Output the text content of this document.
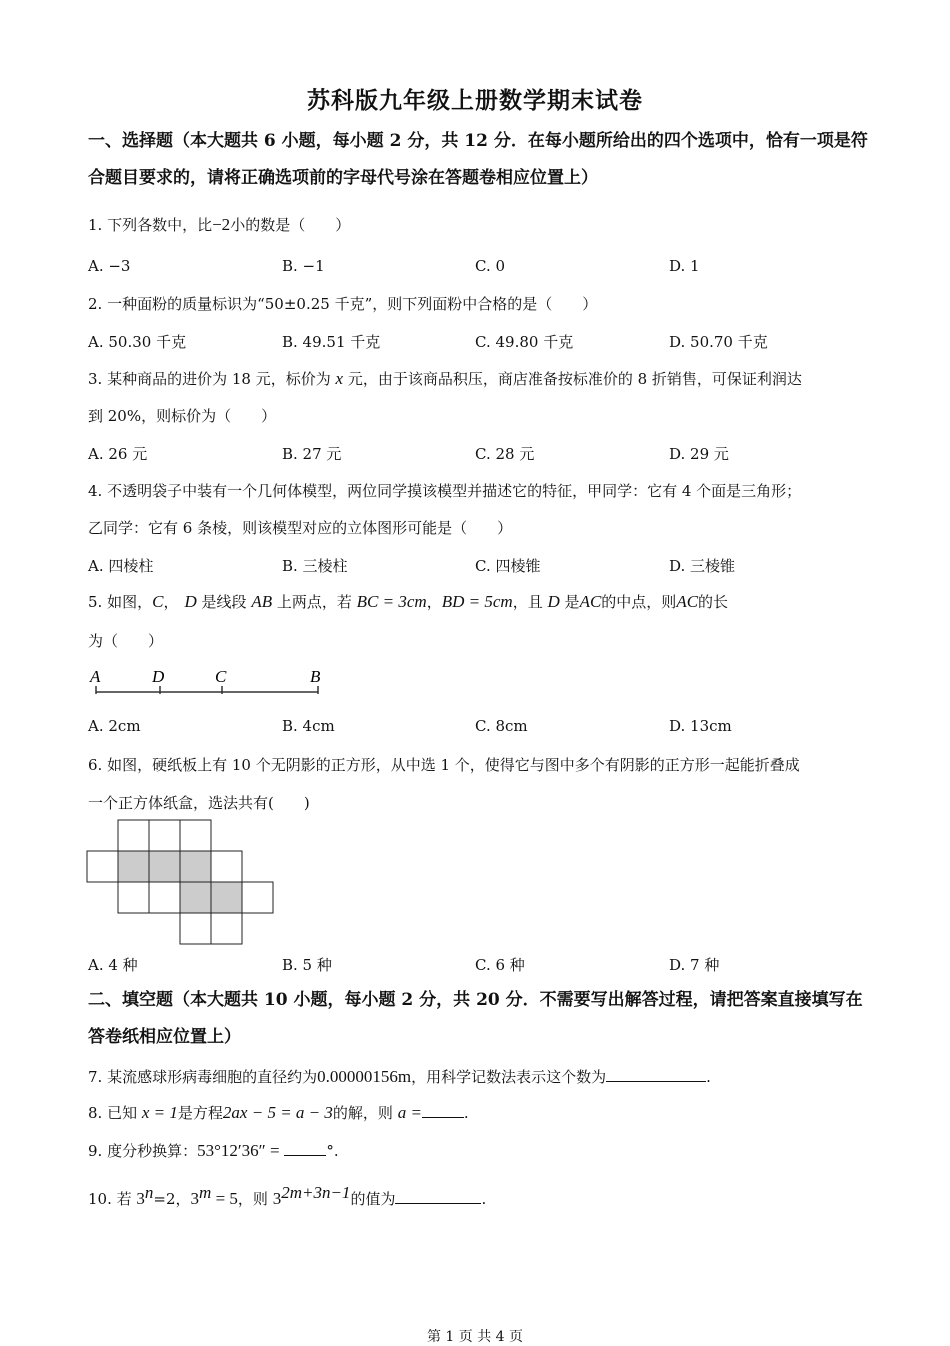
苏科版九年级上册数学期末试卷
一、选择题（本大题共 6 小题，每小题 2 分，共 12 分．在每小题所给出的四个选项中，恰有一项是符合题目要求的，请将正确选项前的字母代号涂在答题卷相应位置上）
1. 下列各数中，比−2小的数是（　　）
A. −3	B. −1	C. 0	D. 1
2. 一种面粉的质量标识为“50±0.25 千克”，则下列面粉中合格的是（　　）
A. 50.30 千克	B. 49.51 千克	C. 49.80 千克	D. 50.70 千克
3. 某种商品的进价为 18 元，标价为 x 元，由于该商品积压，商店准备按标准价的 8 折销售，可保证利润达
到 20%，则标价为（　　）
A. 26 元	B. 27 元	C. 28 元	D. 29 元
4. 不透明袋子中装有一个几何体模型，两位同学摸该模型并描述它的特征，甲同学：它有 4 个面是三角形；
乙同学：它有 6 条棱，则该模型对应的立体图形可能是（　　）
A. 四棱柱	B. 三棱柱	C. 四棱锥	D. 三棱锥
5. 如图，C， D 是线段 AB 上两点，若 BC = 3cm，BD = 5cm，且 D 是AC的中点，则AC的长
为（　　）
A	D	C	B
A. 2cm	B. 4cm	C. 8cm	D. 13cm
6. 如图，硬纸板上有 10 个无阴影的正方形，从中选 1 个，使得它与图中多个有阴影的正方形一起能折叠成
一个正方体纸盒，选法共有(　　)
A. 4 种	B. 5 种	C. 6 种	D. 7 种
二、填空题（本大题共 10 小题，每小题 2 分，共 20 分．不需要写出解答过程，请把答案直接填写在答卷纸相应位置上）
7. 某流感球形病毒细胞的直径约为0.00000156m，用科学记数法表示这个数为	.
8. 已知 x = 1是方程2ax − 5 = a − 3的解，则 a =	.
9. 度分秒换算：53°12′36″ =	°.
10. 若 $3^n=2$，$3^m = 5$，则 $3^{2m+3n-1}$的值为	.
第 1 页 共 4 页
